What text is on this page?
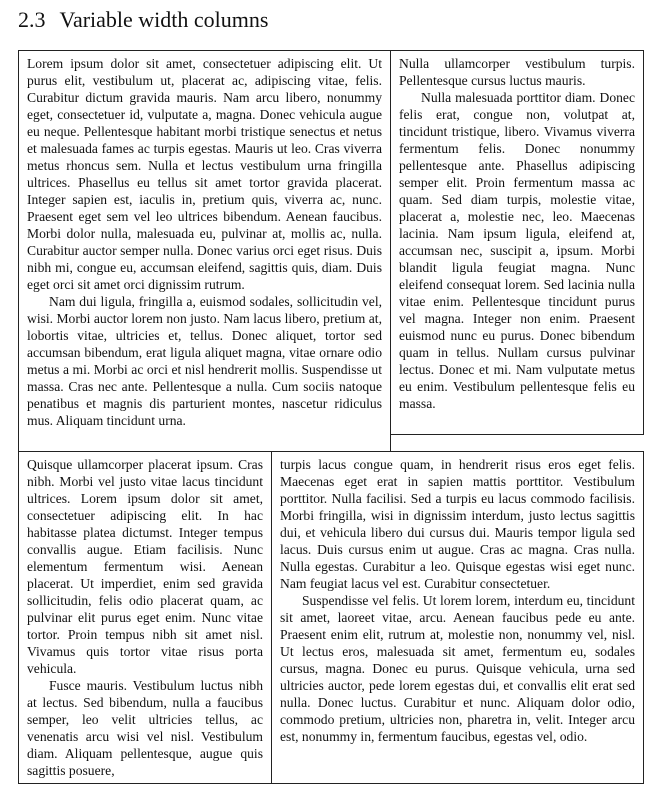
2.3 Variable width columns

Lorem ipsum dolor sit amet, consectetuer adipiscing elit. Ut purus elit, vestibulum ut, placerat ac, adipiscing vitae, felis. Curabitur dictum gravida mauris. Nam arcu libero, nonummy eget, consectetuer id, vulputate a, magna. Donec vehicula augue eu neque. Pellentesque habitant morbi tristique senectus et netus et malesuada fames ac turpis egestas. Mauris ut leo. Cras viverra metus rhoncus sem. Nulla et lectus vestibulum urna fringilla ultrices. Phasellus eu tellus sit amet tortor gravida placerat. Integer sapien est, iaculis in, pretium quis, viverra ac, nunc. Praesent eget sem vel leo ultrices bibendum. Aenean faucibus. Morbi dolor nulla, malesuada eu, pulvinar at, mollis ac, nulla. Curabitur auctor semper nulla. Donec varius orci eget risus. Duis nibh mi, congue eu, accumsan eleifend, sagittis quis, diam. Duis eget orci sit amet orci dignissim rutrum.

Nam dui ligula, fringilla a, euismod sodales, sollicitudin vel, wisi. Morbi auctor lorem non justo. Nam lacus libero, pretium at, lobortis vitae, ultricies et, tellus. Donec aliquet, tortor sed accumsan bibendum, erat ligula aliquet magna, vitae ornare odio metus a mi. Morbi ac orci et nisl hendrerit mollis. Suspendisse ut massa. Cras nec ante. Pellentesque a nulla. Cum sociis natoque penatibus et magnis dis parturient montes, nascetur ridiculus mus. Aliquam tincidunt urna.

Nulla ullamcorper vestibulum turpis. Pellentesque cursus luctus mauris.

Nulla malesuada porttitor diam. Donec felis erat, congue non, volutpat at, tincidunt tristique, libero. Vivamus viverra fermentum felis. Donec nonummy pellentesque ante. Phasellus adipiscing semper elit. Proin fermentum massa ac quam. Sed diam turpis, molestie vitae, placerat a, molestie nec, leo. Maecenas lacinia. Nam ipsum ligula, eleifend at, accumsan nec, suscipit a, ipsum. Morbi blandit ligula feugiat magna. Nunc eleifend consequat lorem. Sed lacinia nulla vitae enim. Pellentesque tincidunt purus vel magna. Integer non enim. Praesent euismod nunc eu purus. Donec bibendum quam in tellus. Nullam cursus pulvinar lectus. Donec et mi. Nam vulputate metus eu enim. Vestibulum pellentesque felis eu massa.

Quisque ullamcorper placerat ipsum. Cras nibh. Morbi vel justo vitae lacus tincidunt ultrices. Lorem ipsum dolor sit amet, consectetuer adipiscing elit. In hac habitasse platea dictumst. Integer tempus convallis augue. Etiam facilisis. Nunc elementum fermentum wisi. Aenean placerat. Ut imperdiet, enim sed gravida sollicitudin, felis odio placerat quam, ac pulvinar elit purus eget enim. Nunc vitae tortor. Proin tempus nibh sit amet nisl. Vivamus quis tortor vitae risus porta vehicula.

Fusce mauris. Vestibulum luctus nibh at lectus. Sed bibendum, nulla a faucibus semper, leo velit ultricies tellus, ac venenatis arcu wisi vel nisl. Vestibulum diam. Aliquam pellentesque, augue quis sagittis posuere,

turpis lacus congue quam, in hendrerit risus eros eget felis. Maecenas eget erat in sapien mattis porttitor. Vestibulum porttitor. Nulla facilisi. Sed a turpis eu lacus commodo facilisis. Morbi fringilla, wisi in dignissim interdum, justo lectus sagittis dui, et vehicula libero dui cursus dui. Mauris tempor ligula sed lacus. Duis cursus enim ut augue. Cras ac magna. Cras nulla. Nulla egestas. Curabitur a leo. Quisque egestas wisi eget nunc. Nam feugiat lacus vel est. Curabitur consectetuer.

Suspendisse vel felis. Ut lorem lorem, interdum eu, tincidunt sit amet, laoreet vitae, arcu. Aenean faucibus pede eu ante. Praesent enim elit, rutrum at, molestie non, nonummy vel, nisl. Ut lectus eros, malesuada sit amet, fermentum eu, sodales cursus, magna. Donec eu purus. Quisque vehicula, urna sed ultricies auctor, pede lorem egestas dui, et convallis elit erat sed nulla. Donec luctus. Curabitur et nunc. Aliquam dolor odio, commodo pretium, ultricies non, pharetra in, velit. Integer arcu est, nonummy in, fermentum faucibus, egestas vel, odio.
